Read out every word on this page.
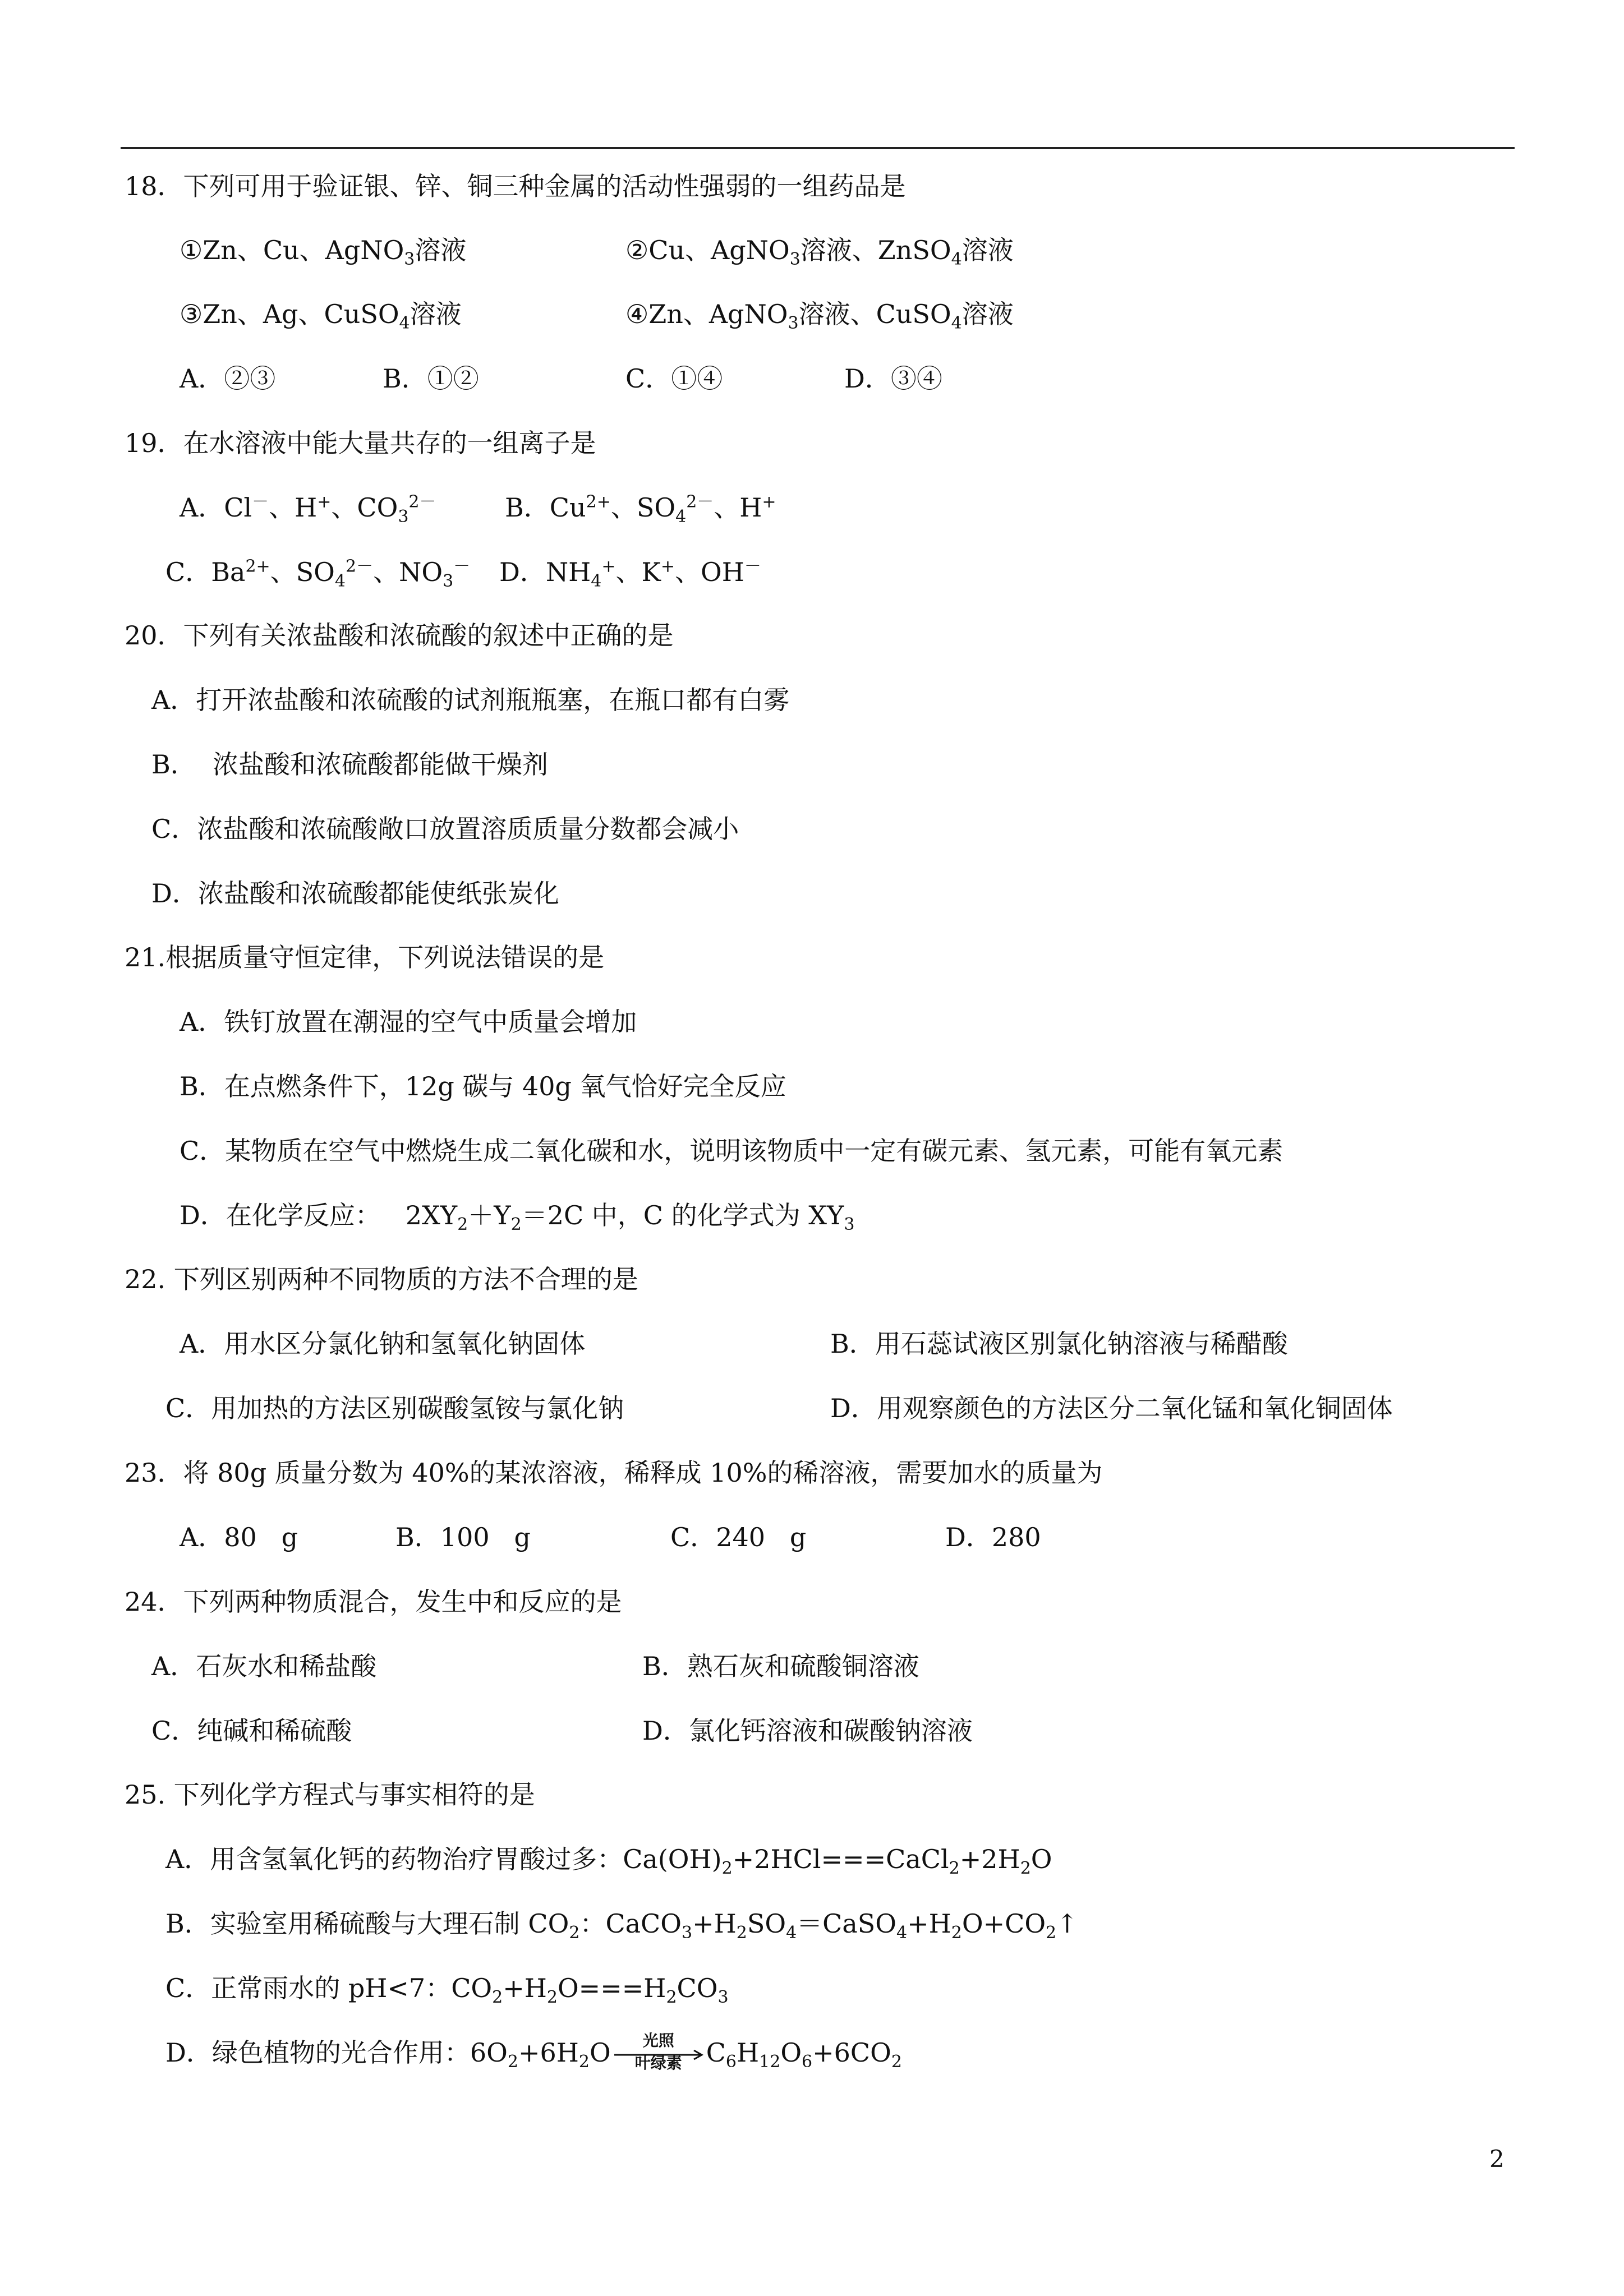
18．下列可用于验证银、锌、铜三种金属的活动性强弱的一组药品是
①Zn、Cu、AgNO$_3$溶液	②Cu、AgNO$_3$溶液、ZnSO$_4$溶液
③Zn、Ag、CuSO$_4$溶液	④Zn、AgNO$_3$溶液、CuSO$_4$溶液
A．②③	B．①②	C．①④	D．③④
19．在水溶液中能大量共存的一组离子是
A．Cl－、H+、$CO_3^{2-}$	B．$Cu^{2+}$、$SO_4^{2-}$、H+
C．$Ba^{2+}$、$SO_4^{2-}$、$NO_3^-$ D．$NH_4^+$、K+、OH－
20．下列有关浓盐酸和浓硫酸的叙述中正确的是
A．打开浓盐酸和浓硫酸的试剂瓶瓶塞，在瓶口都有白雾
B．  浓盐酸和浓硫酸都能做干燥剂
C．浓盐酸和浓硫酸敞口放置溶质质量分数都会减小
D．浓盐酸和浓硫酸都能使纸张炭化
21.根据质量守恒定律，下列说法错误的是
A．铁钉放置在潮湿的空气中质量会增加
B．在点燃条件下，12g 碳与 40g 氧气恰好完全反应
C．某物质在空气中燃烧生成二氧化碳和水，说明该物质中一定有碳元素、氢元素，可能有氧元素
D．在化学反应：   $2XY_2+Y_2=2C$ 中，C 的化学式为 $XY_3$
22. 下列区别两种不同物质的方法不合理的是
A．用水区分氯化钠和氢氧化钠固体	B．用石蕊试液区别氯化钠溶液与稀醋酸
C．用加热的方法区别碳酸氢铵与氯化钠	D．用观察颜色的方法区分二氧化锰和氧化铜固体
23．将 80g 质量分数为 40%的某浓溶液，稀释成 10%的稀溶液，需要加水的质量为
A．80   g	B．100   g	C．240   g	D．280
24．下列两种物质混合，发生中和反应的是
A．石灰水和稀盐酸	B．熟石灰和硫酸铜溶液
C．纯碱和稀硫酸	D．氯化钙溶液和碳酸钠溶液
25. 下列化学方程式与事实相符的是
A．用含氢氧化钙的药物治疗胃酸过多：$Ca(OH)_2+2HCl===CaCl_2+2H_2O$
B．实验室用稀硫酸与大理石制 $CO_2$：$CaCO_3+H_2SO_4=CaSO_4+H_2O+CO_2↑$
C．正常雨水的 pH<7：$CO_2+H_2O===H_2CO_3$
D．绿色植物的光合作用：$6O_2+6H_2O$	光照
叶绿素 $C_6H_{12}O_6+6CO_2$
2
